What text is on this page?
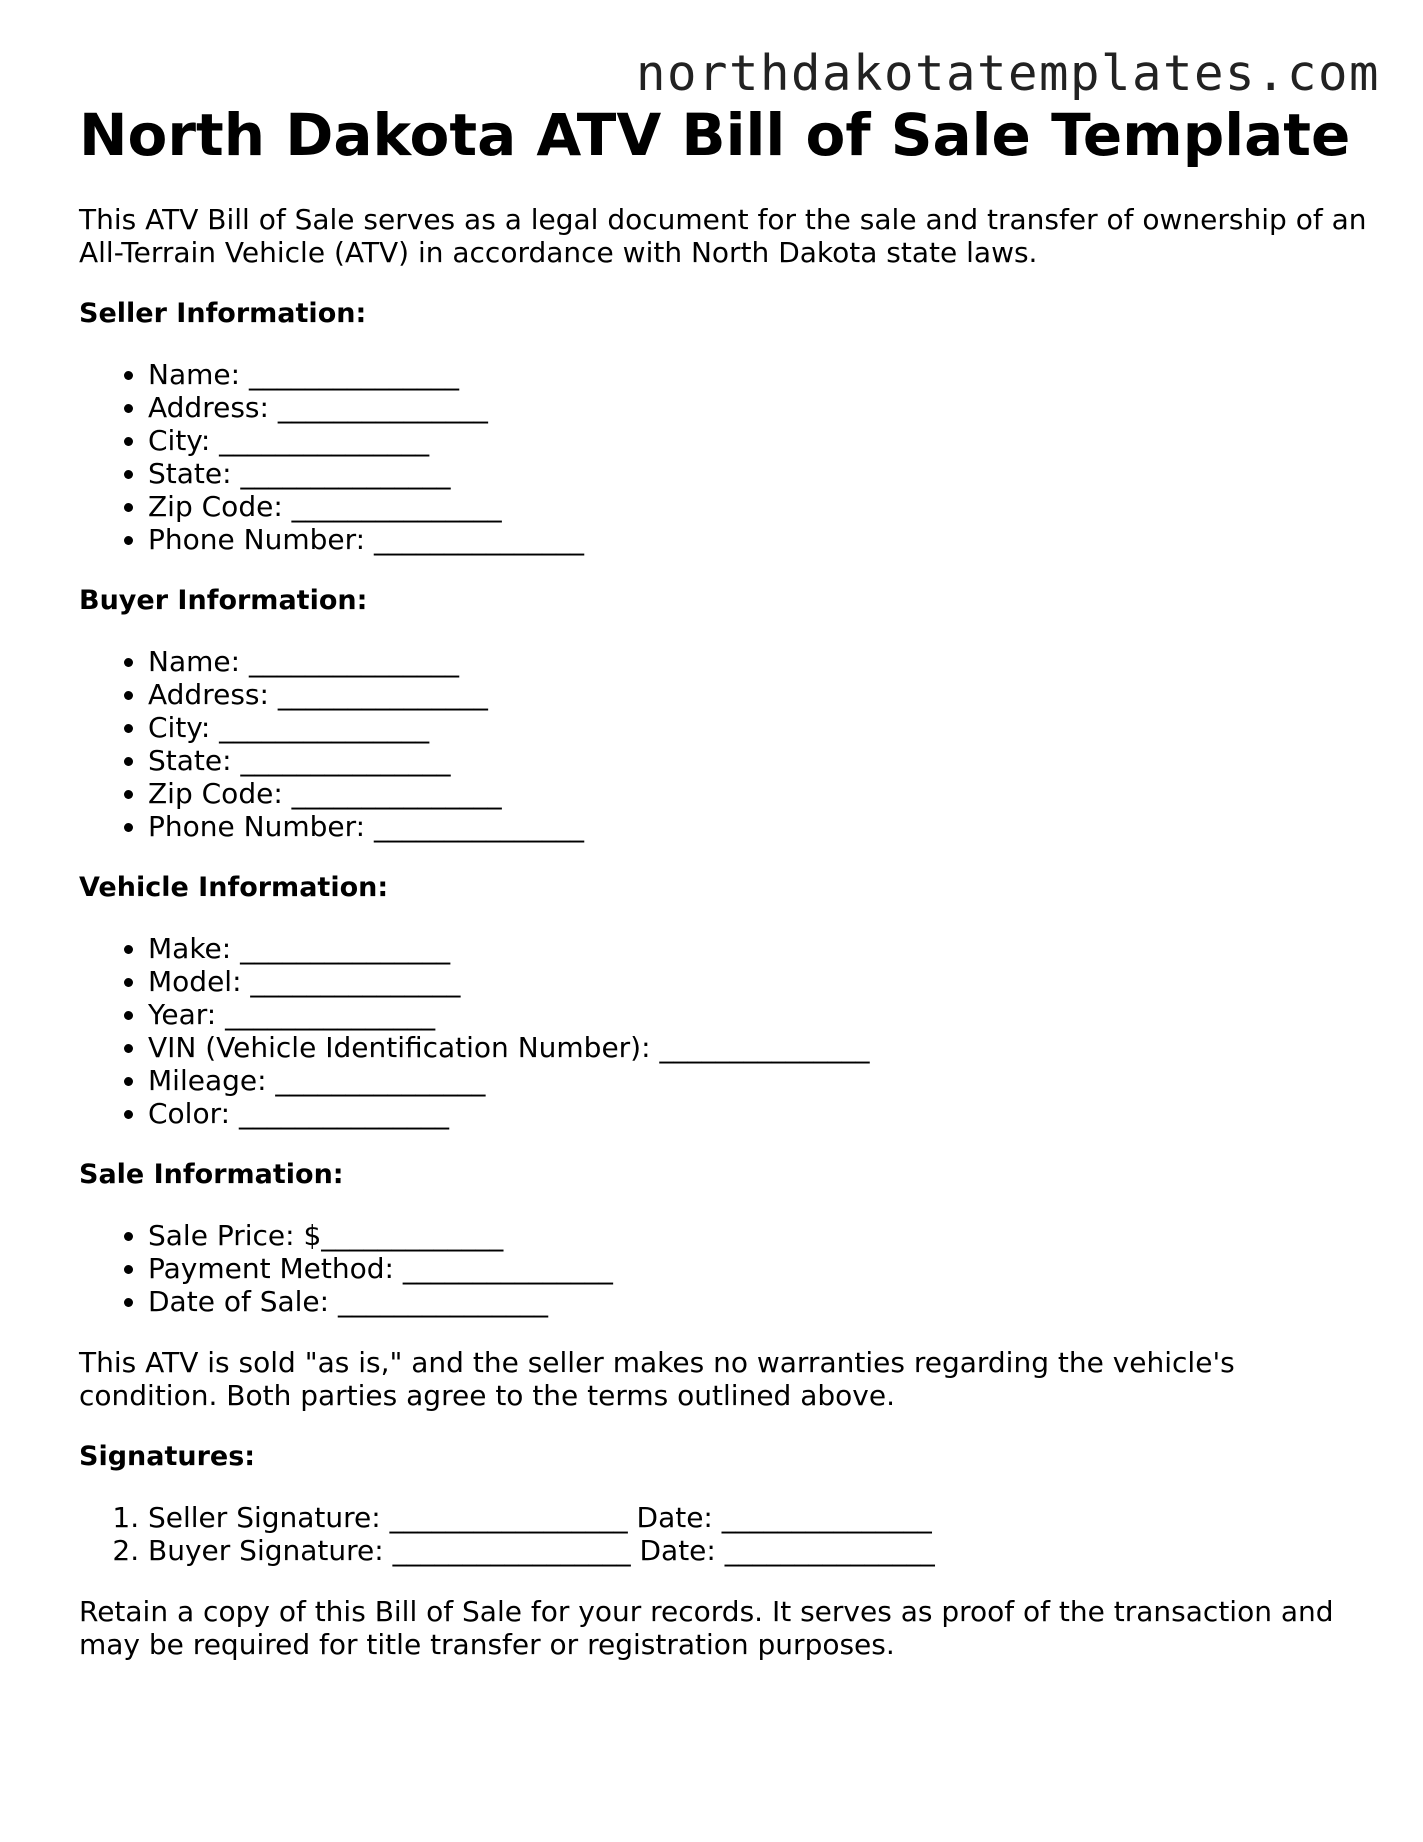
northdakotatemplates.com
North Dakota ATV Bill of Sale Template

This ATV Bill of Sale serves as a legal document for the sale and transfer of ownership of an All-Terrain Vehicle (ATV) in accordance with North Dakota state laws.

Seller Information:
• Name: _______________
• Address: _______________
• City: _______________
• State: _______________
• Zip Code: _______________
• Phone Number: _______________
Buyer Information:
• Name: _______________
• Address: _______________
• City: _______________
• State: _______________
• Zip Code: _______________
• Phone Number: _______________
Vehicle Information:
• Make: _______________
• Model: _______________
• Year: _______________
• VIN (Vehicle Identification Number): _______________
• Mileage: _______________
• Color: _______________
Sale Information:
• Sale Price: $_____________
• Payment Method: _______________
• Date of Sale: _______________

This ATV is sold "as is," and the seller makes no warranties regarding the vehicle's condition. Both parties agree to the terms outlined above.

Signatures:
1. Seller Signature: _________________ Date: _______________
2. Buyer Signature: _________________ Date: _______________

Retain a copy of this Bill of Sale for your records. It serves as proof of the transaction and may be required for title transfer or registration purposes.
